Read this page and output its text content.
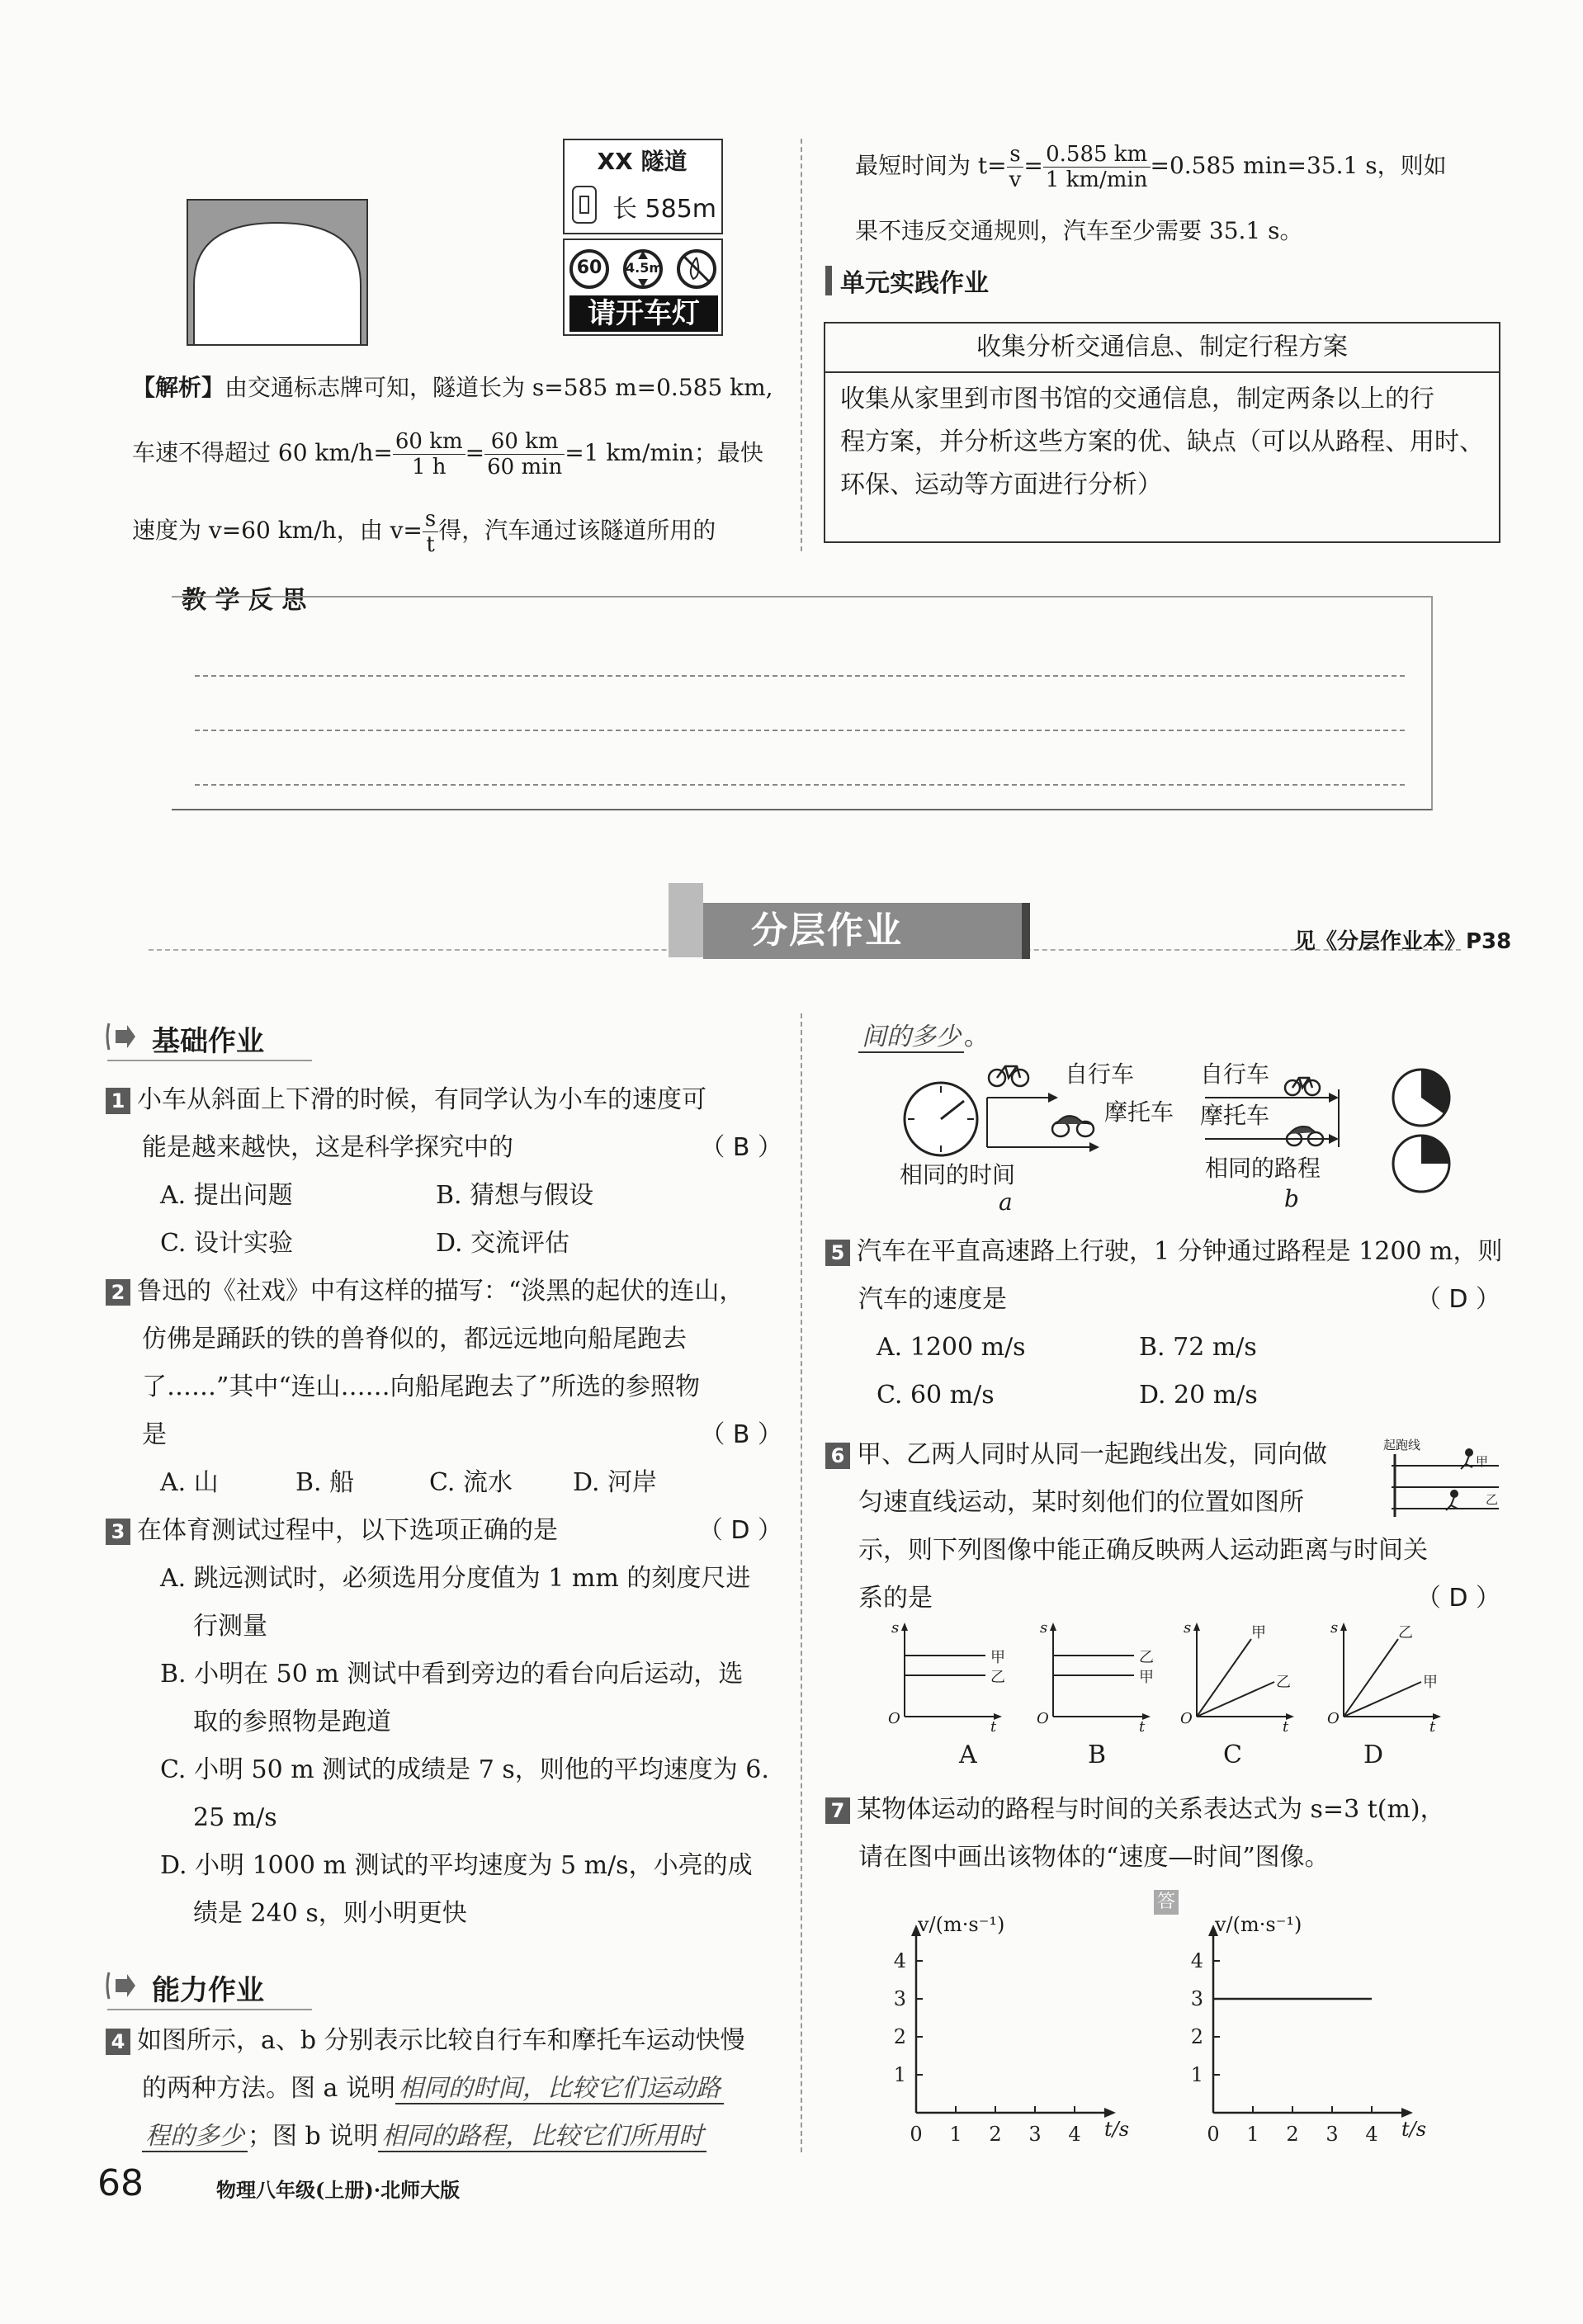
XX 隧道
长 585m
60 4.5m
请开车灯
【解析】由交通标志牌可知，隧道长为 s=585 m=0.585 km,
车速不得超过 60 $km/h= \frac{60 km}{1 h} = \frac{60 km}{60 \min} =1$ km/min；最快
速度为 v=60 km/h，由 $v= \frac{s}{t}$ 得，汽车通过该隧道所用的
最短时间为 $t= \frac{s}{v} = \frac{0.585 km}{1 km/\min} =0.585$ min=35.1 s，则如
果不违反交通规则，汽车至少需要 35.1 s。
单元实践作业
收集分析交通信息、制定行程方案
收集从家里到市图书馆的交通信息，制定两条以上的行
程方案，并分析这些方案的优、缺点（可以从路程、用时、
环保、运动等方面进行分析）
教 学 反 思
分层作业	见《分层作业本》P38
基础作业
1 小车从斜面上下滑的时候，有同学认为小车的速度可
能是越来越快，这是科学探究中的	（ B ）
A. 提出问题	B. 猜想与假设
C. 设计实验	D. 交流评估
2 鲁迅的《社戏》中有这样的描写：“淡黑的起伏的连山，
仿佛是踊跃的铁的兽脊似的，都远远地向船尾跑去
了……”其中“连山……向船尾跑去了”所选的参照物
是	（ B ）
A. 山	B. 船	C. 流水 D. 河岸
3 在体育测试过程中，以下选项正确的是	（ D ）
A. 跳远测试时，必须选用分度值为 1 mm 的刻度尺进
行测量
B. 小明在 50 m 测试中看到旁边的看台向后运动，选
取的参照物是跑道
C. 小明 50 m 测试的成绩是 7 s，则他的平均速度为 6.
25 m/s
D. 小明 1000 m 测试的平均速度为 5 m/s，小亮的成
绩是 240 s，则小明更快
能力作业
4 如图所示，a、b 分别表示比较自行车和摩托车运动快慢
的两种方法。图 a 说明 相同的时间，比较它们运动路
程的多少 ；图 b 说明 相同的路程，比较它们所用时
间的多少 。
自行车
摩托车
相同的时间
a
自行车
摩托车
相同的路程
b
5 汽车在平直高速路上行驶，1 分钟通过路程是 1200 m，则
汽车的速度是	（ D ）
A. 1200 m/s	B. 72 m/s
C. 60 m/s	D. 20 m/s
6 甲、乙两人同时从同一起跑线出发，同向做
匀速直线运动，某时刻他们的位置如图所
示，则下列图像中能正确反映两人运动距离与时间关
系的是	（ D ）
起跑线
甲
乙
s
O	t
甲
乙
s
O	t
乙
甲
s
O	t
甲
乙
s
O	t
乙
甲
A	B	C	D
7 某物体运动的路程与时间的关系表达式为 s=3 t(m)，
请在图中画出该物体的“速度—时间”图像。
答
1
2
3
4
0 1 2 3 4
v/(m·s⁻¹)
t/s
1
2
3
4
0 1 2 3 4
v/(m·s⁻¹)
t/s
68	物理八年级(上册)·北师大版
